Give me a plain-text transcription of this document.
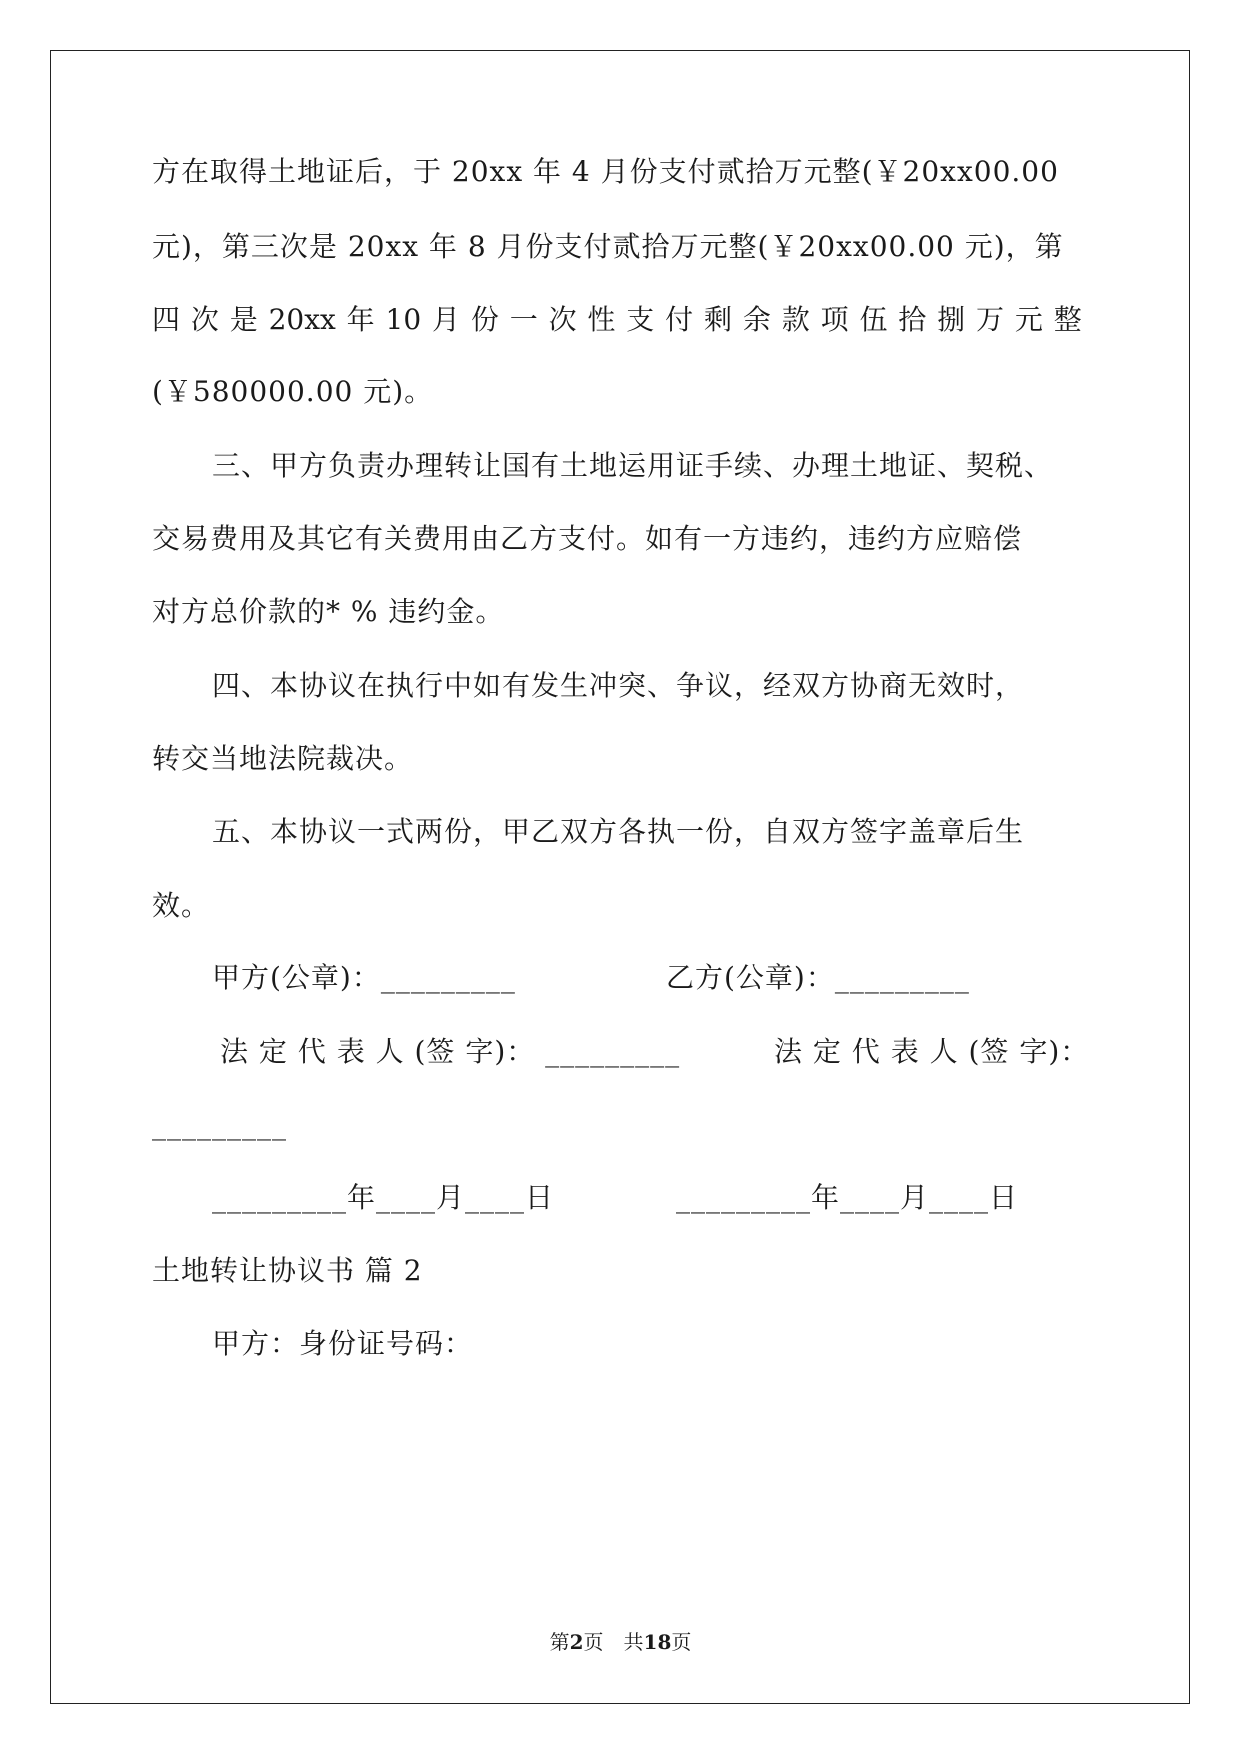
方在取得土地证后，于 20xx 年 4 月份支付贰拾万元整(￥20xx00.00
元)，第三次是 20xx 年 8 月份支付贰拾万元整(￥20xx00.00 元)，第
四 次 是 20xx 年 10 月 份 一 次 性 支 付 剩 余 款 项 伍 拾 捌 万 元 整
(￥580000.00 元)。
三、甲方负责办理转让国有土地运用证手续、办理土地证、契税、
交易费用及其它有关费用由乙方支付。如有一方违约，违约方应赔偿
对方总价款的* % 违约金。
四、本协议在执行中如有发生冲突、争议，经双方协商无效时，
转交当地法院裁决。
五、本协议一式两份，甲乙双方各执一份，自双方签字盖章后生
效。
甲方(公章)：_________	乙方(公章)：_________
法 定 代 表 人 (签 字)： _________	法 定 代 表 人 (签 字)：
_________
_________年____月____日	_________年____月____日
土地转让协议书 篇 2
甲方：身份证号码：
第2页　共18页
